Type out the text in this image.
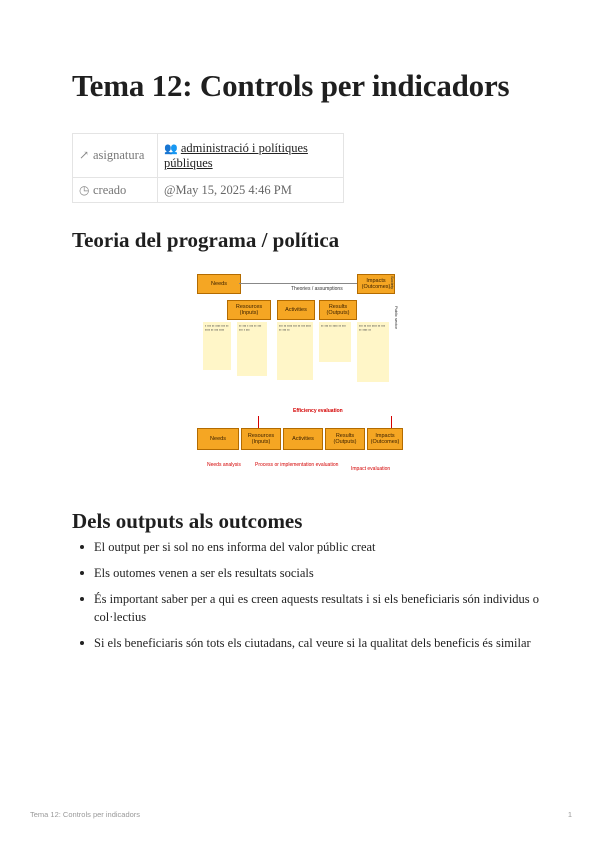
Tema 12: Controls per indicadors
↗ asignatura	👥 administració i polítiques públiques
◷ creado	@May 15, 2025 4:46 PM
Teoria del programa / política
Needs
Resources (Inputs)	Activities	Results (Outputs)
Impacts (Outcomes)
Theories / assumptions	Society
Public sector
▪ ▪▪▪ ▪▪ ▪▪▪▪ ▪▪▪ ▪▪ ▪▪▪▪ ▪▪ ▪▪▪ ▪▪▪▪
▪▪ ▪▪▪ ▪ ▪▪▪ ▪▪ ▪▪▪ ▪▪▪ ▪ ▪▪▪
▪▪▪ ▪▪ ▪▪▪▪ ▪▪▪ ▪▪ ▪▪▪ ▪▪▪▪ ▪▪ ▪▪▪ ▪▪
▪▪ ▪▪▪ ▪▪ ▪▪▪▪ ▪▪ ▪▪▪	▪▪▪ ▪▪ ▪▪▪ ▪▪▪▪ ▪▪ ▪▪▪ ▪▪ ▪▪▪▪ ▪▪
Efficiency evaluation
Needs	Resources (Inputs)	Activities	Results (Outputs)
Impacts (Outcomes)
Needs analysis	Process or implementation evaluation
Impact evaluation
Dels outputs als outcomes
El output per si sol no ens informa del valor públic creat
Els outomes venen a ser els resultats socials
És important saber per a qui es creen aquests resultats i si els beneficiaris són individus o col·lectius
Si els beneficiaris són tots els ciutadans, cal veure si la qualitat dels beneficis és similar
Tema 12: Controls per indicadors	1
